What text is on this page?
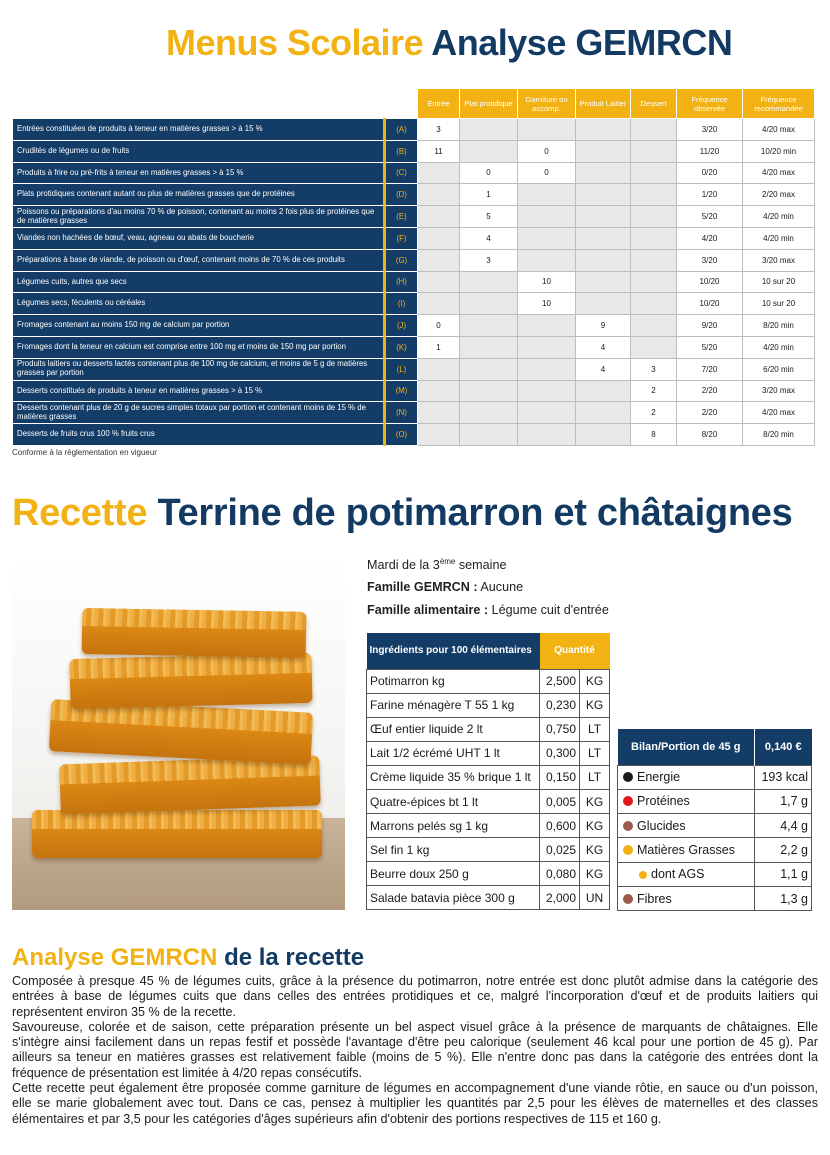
Menus Scolaire Analyse GEMRCN
		Entrée	Plat protidique	Garniture ou accomp.	Produit Laitier	Dessert	Fréquence observée	Fréquence recommandée
Entrées constituées de produits à teneur en matières grasses > à 15 %	(A)	3					3/20	4/20 max
Crudités de légumes ou de fruits	(B)	11		0			11/20	10/20 min
Produits à frire ou pré-frits à teneur en matières grasses > à 15 %	(C)		0	0			0/20	4/20 max
Plats protidiques contenant autant ou plus de matières grasses que de protéines	(D)		1				1/20	2/20 max
Poissons ou préparations d'au moins 70 % de poisson, contenant au moins 2 fois plus de protéines que de matières grasses	(E)		5				5/20	4/20 min
Viandes non hachées de bœuf, veau, agneau ou abats de boucherie	(F)		4				4/20	4/20 min
Préparations à base de viande, de poisson ou d'œuf, contenant moins de 70 % de ces produits	(G)		3				3/20	3/20 max
Légumes cuits, autres que secs	(H)			10			10/20	10 sur 20
Légumes secs, féculents ou céréales	(I)			10			10/20	10 sur 20
Fromages contenant au moins 150 mg de calcium par portion	(J)	0			9		9/20	8/20 min
Fromages dont la teneur en calcium est comprise entre 100 mg et moins de 150 mg par portion	(K)	1			4		5/20	4/20 min
Produits laitiers ou desserts lactés contenant plus de 100 mg de calcium, et moins de 5 g de matières grasses par portion	(L)				4	3	7/20	6/20 min
Desserts constitués de produits à teneur en matières grasses > à 15 %	(M)					2	2/20	3/20 max
Desserts contenant plus de 20 g de sucres simples totaux par portion et contenant moins de 15 % de matières grasses	(N)					2	2/20	4/20 max
Desserts de fruits crus 100 % fruits crus	(O)					8	8/20	8/20 min
Conforme à la réglementation en vigueur
Recette Terrine de potimarron et châtaignes
Mardi de la 3ème semaine
Famille GEMRCN : Aucune
Famille alimentaire : Légume cuit d'entrée
Ingrédients pour 100 élémentaires	Quantité	
Potimarron kg	2,500	KG
Farine ménagère T 55 1 kg	0,230	KG
Œuf entier liquide 2 lt	0,750	LT
Lait 1/2 écrémé UHT 1 lt	0,300	LT
Crème liquide 35 % brique 1 lt	0,150	LT
Quatre-épices bt 1 lt	0,005	KG
Marrons pelés sg 1 kg	0,600	KG
Sel fin 1 kg	0,025	KG
Beurre doux 250 g	0,080	KG
Salade batavia pièce 300 g	2,000	UN
Bilan/Portion de 45 g	0,140 €
Energie	193 kcal
Protéines	1,7 g
Glucides	4,4 g
Matières Grasses	2,2 g
dont AGS	1,1 g
Fibres	1,3 g
Analyse GEMRCN de la recette

Composée à presque 45 % de légumes cuits, grâce à la présence du potimarron, notre entrée est donc plutôt admise dans la catégorie des entrées à base de légumes cuits que dans celles des entrées protidiques et ce, malgré l'incorporation d'œuf et de produits laitiers qui représentent environ 35 % de la recette.

Savoureuse, colorée et de saison, cette préparation présente un bel aspect visuel grâce à la présence de marquants de châtaignes. Elle s'intègre ainsi facilement dans un repas festif et possède l'avantage d'être peu calorique (seulement 46 kcal pour une portion de 45 g). Par ailleurs sa teneur en matières grasses est relativement faible (moins de 5 %). Elle n'entre donc pas dans la catégorie des entrées dont la fréquence de présentation est limitée à 4/20 repas consécutifs.

Cette recette peut également être proposée comme garniture de légumes en accompagnement d'une viande rôtie, en sauce ou d'un poisson, elle se marie globalement avec tout. Dans ce cas, pensez à multiplier les quantités par 2,5 pour les élèves de maternelles et des classes élémentaires et par 3,5 pour les catégories d'âges supérieurs afin d'obtenir des portions respectives de 115 et 160 g.
